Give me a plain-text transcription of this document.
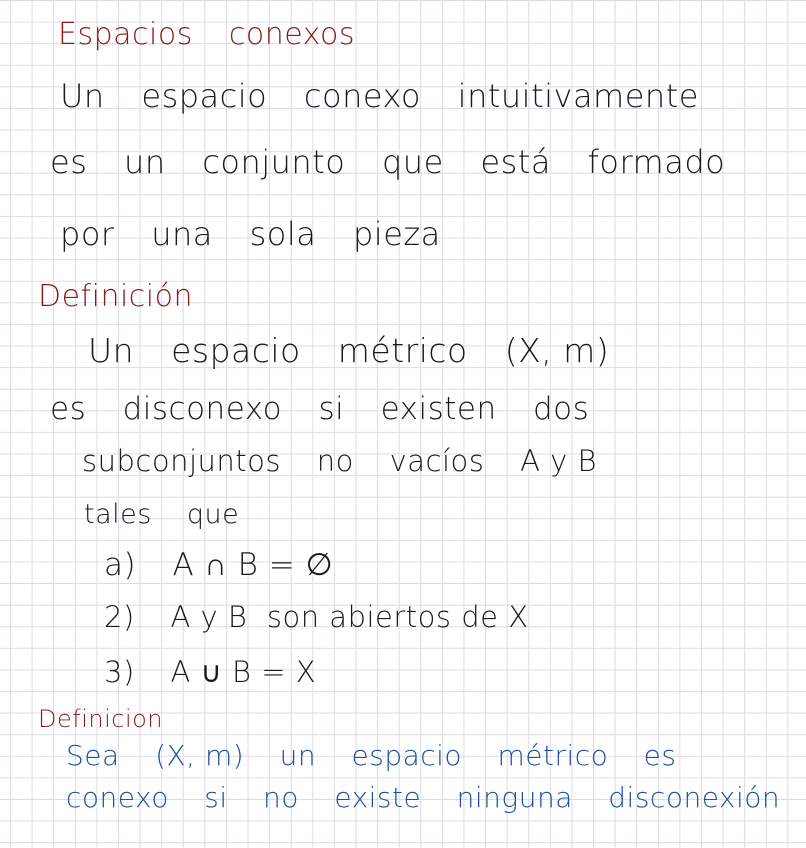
Espacios conexos
Un espacio conexo intuitivamente
es un conjunto que está formado
por una sola pieza
Definición
Un espacio métrico (X, m)
es disconexo si existen dos
subconjuntos no vacíos A y B
tales que
a) A ∩ B = ∅
2) A y B  son abiertos de X
3) A ∪ B = X
Definicion
Sea (X, m) un espacio métrico es
conexo si no existe ninguna disconexión
